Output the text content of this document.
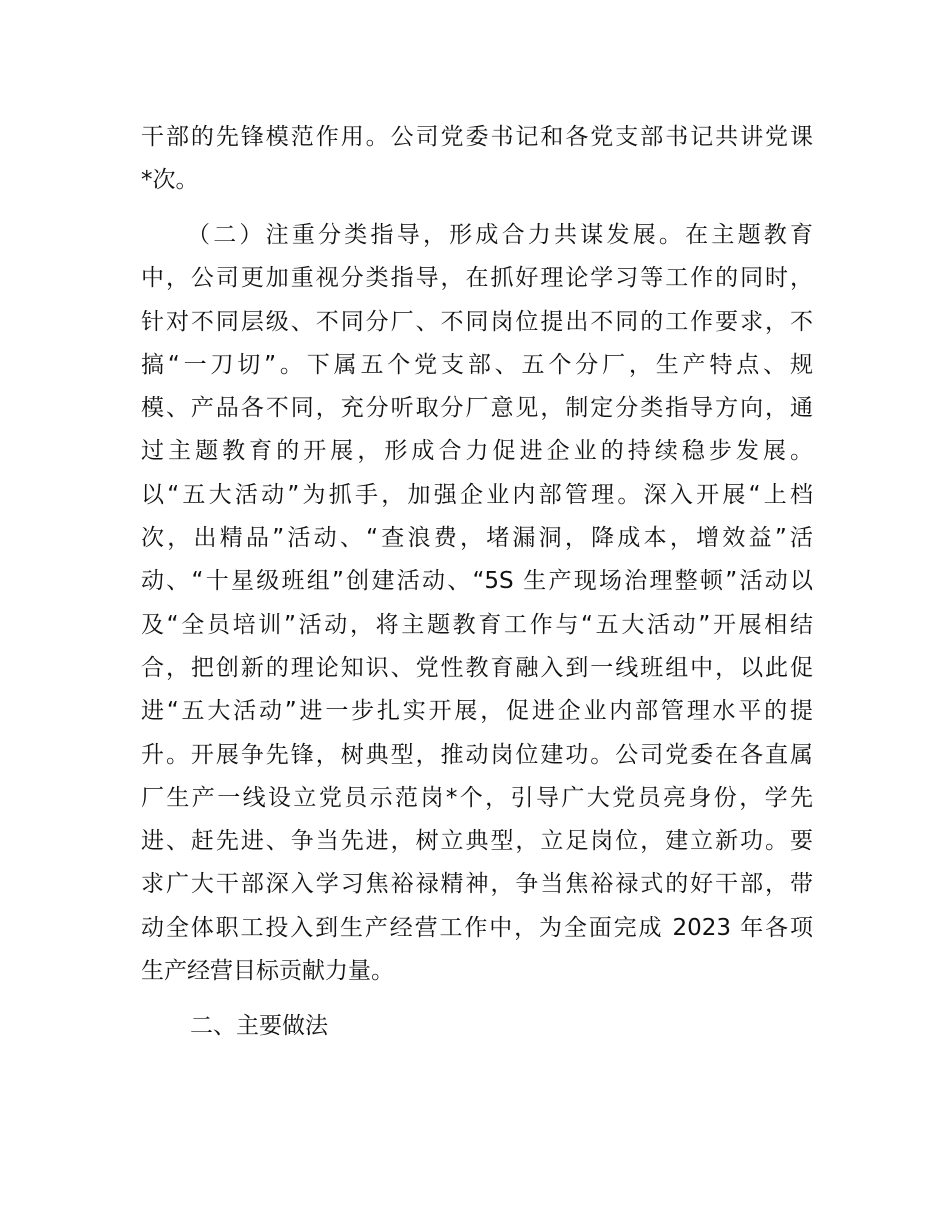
干部的先锋模范作用。公司党委书记和各党支部书记共讲党课
*次。
（二）注重分类指导，形成合力共谋发展。在主题教育
中，公司更加重视分类指导，在抓好理论学习等工作的同时，
针对不同层级、不同分厂、不同岗位提出不同的工作要求，不
搞“一刀切”。下属五个党支部、五个分厂，生产特点、规
模、产品各不同，充分听取分厂意见，制定分类指导方向，通
过主题教育的开展，形成合力促进企业的持续稳步发展。
以“五大活动”为抓手，加强企业内部管理。深入开展“上档
次，出精品”活动、“查浪费，堵漏洞，降成本，增效益”活
动、“十星级班组”创建活动、“5S 生产现场治理整顿”活动以
及“全员培训”活动，将主题教育工作与“五大活动”开展相结
合，把创新的理论知识、党性教育融入到一线班组中，以此促
进“五大活动”进一步扎实开展，促进企业内部管理水平的提
升。开展争先锋，树典型，推动岗位建功。公司党委在各直属
厂生产一线设立党员示范岗*个，引导广大党员亮身份，学先
进、赶先进、争当先进，树立典型，立足岗位，建立新功。要
求广大干部深入学习焦裕禄精神，争当焦裕禄式的好干部，带
动全体职工投入到生产经营工作中，为全面完成 2023 年各项
生产经营目标贡献力量。
二、主要做法
